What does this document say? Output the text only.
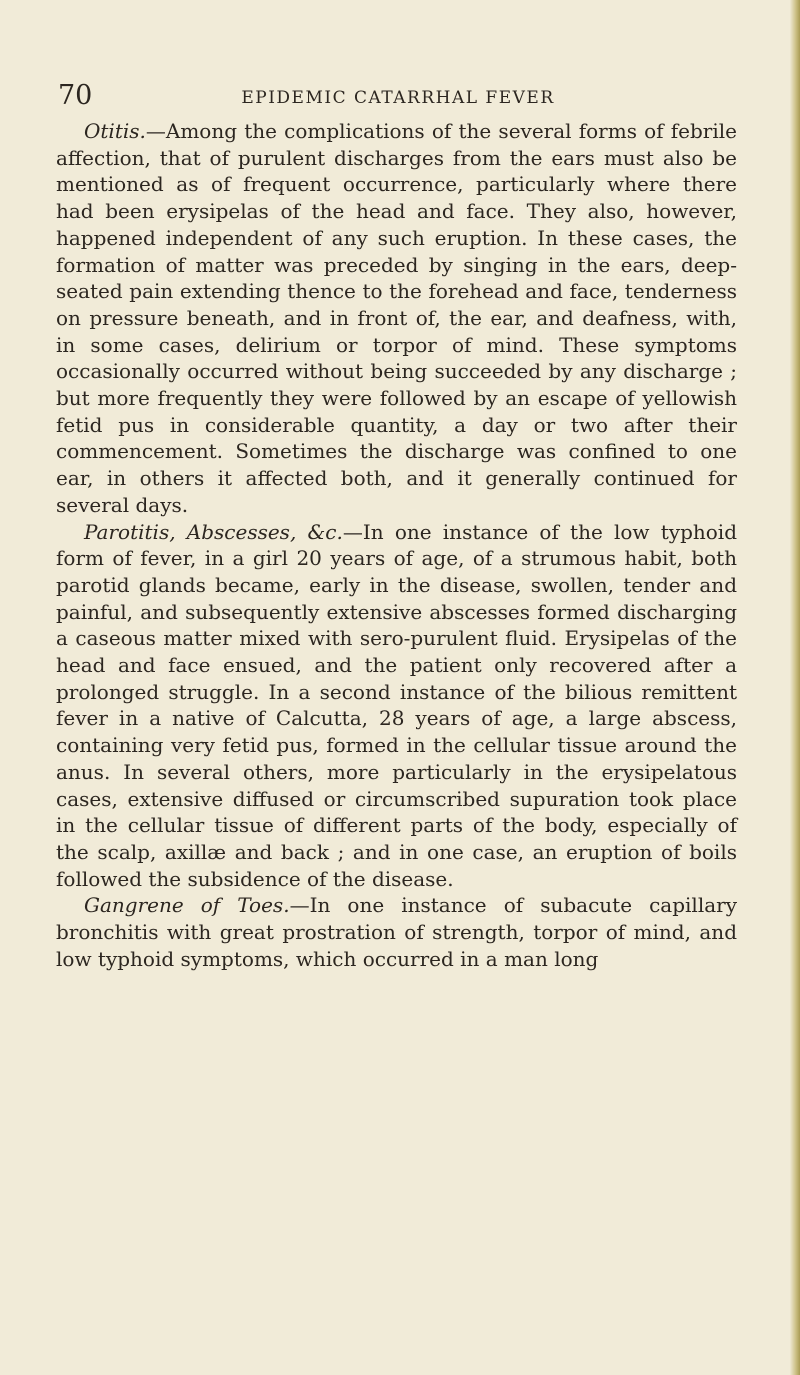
70	EPIDEMIC CATARRHAL FEVER

Otitis.—Among the complications of the several forms of febrile affection, that of purulent discharges from the ears must also be mentioned as of frequent occurrence, particularly where there had been erysipelas of the head and face. They also, however, happened independent of any such eruption. In these cases, the formation of matter was preceded by singing in the ears, deep-seated pain extending thence to the forehead and face, tenderness on pressure beneath, and in front of, the ear, and deafness, with, in some cases, delirium or torpor of mind. These symptoms occasionally occurred without being succeeded by any discharge ; but more frequently they were followed by an escape of yellowish fetid pus in considerable quantity, a day or two after their commencement. Sometimes the discharge was confined to one ear, in others it affected both, and it generally continued for several days.

Parotitis, Abscesses, &c.—In one instance of the low typhoid form of fever, in a girl 20 years of age, of a strumous habit, both parotid glands became, early in the disease, swollen, tender and painful, and subsequently extensive abscesses formed discharging a caseous matter mixed with sero-purulent fluid. Erysipelas of the head and face ensued, and the patient only recovered after a prolonged struggle. In a second instance of the bilious remittent fever in a native of Calcutta, 28 years of age, a large abscess, containing very fetid pus, formed in the cellular tissue around the anus. In several others, more particularly in the erysipelatous cases, extensive diffused or circumscribed supuration took place in the cellular tissue of different parts of the body, especially of the scalp, axillæ and back ; and in one case, an eruption of boils followed the subsidence of the disease.

Gangrene of Toes.—In one instance of subacute capillary bronchitis with great prostration of strength, torpor of mind, and low typhoid symptoms, which occurred in a man long
